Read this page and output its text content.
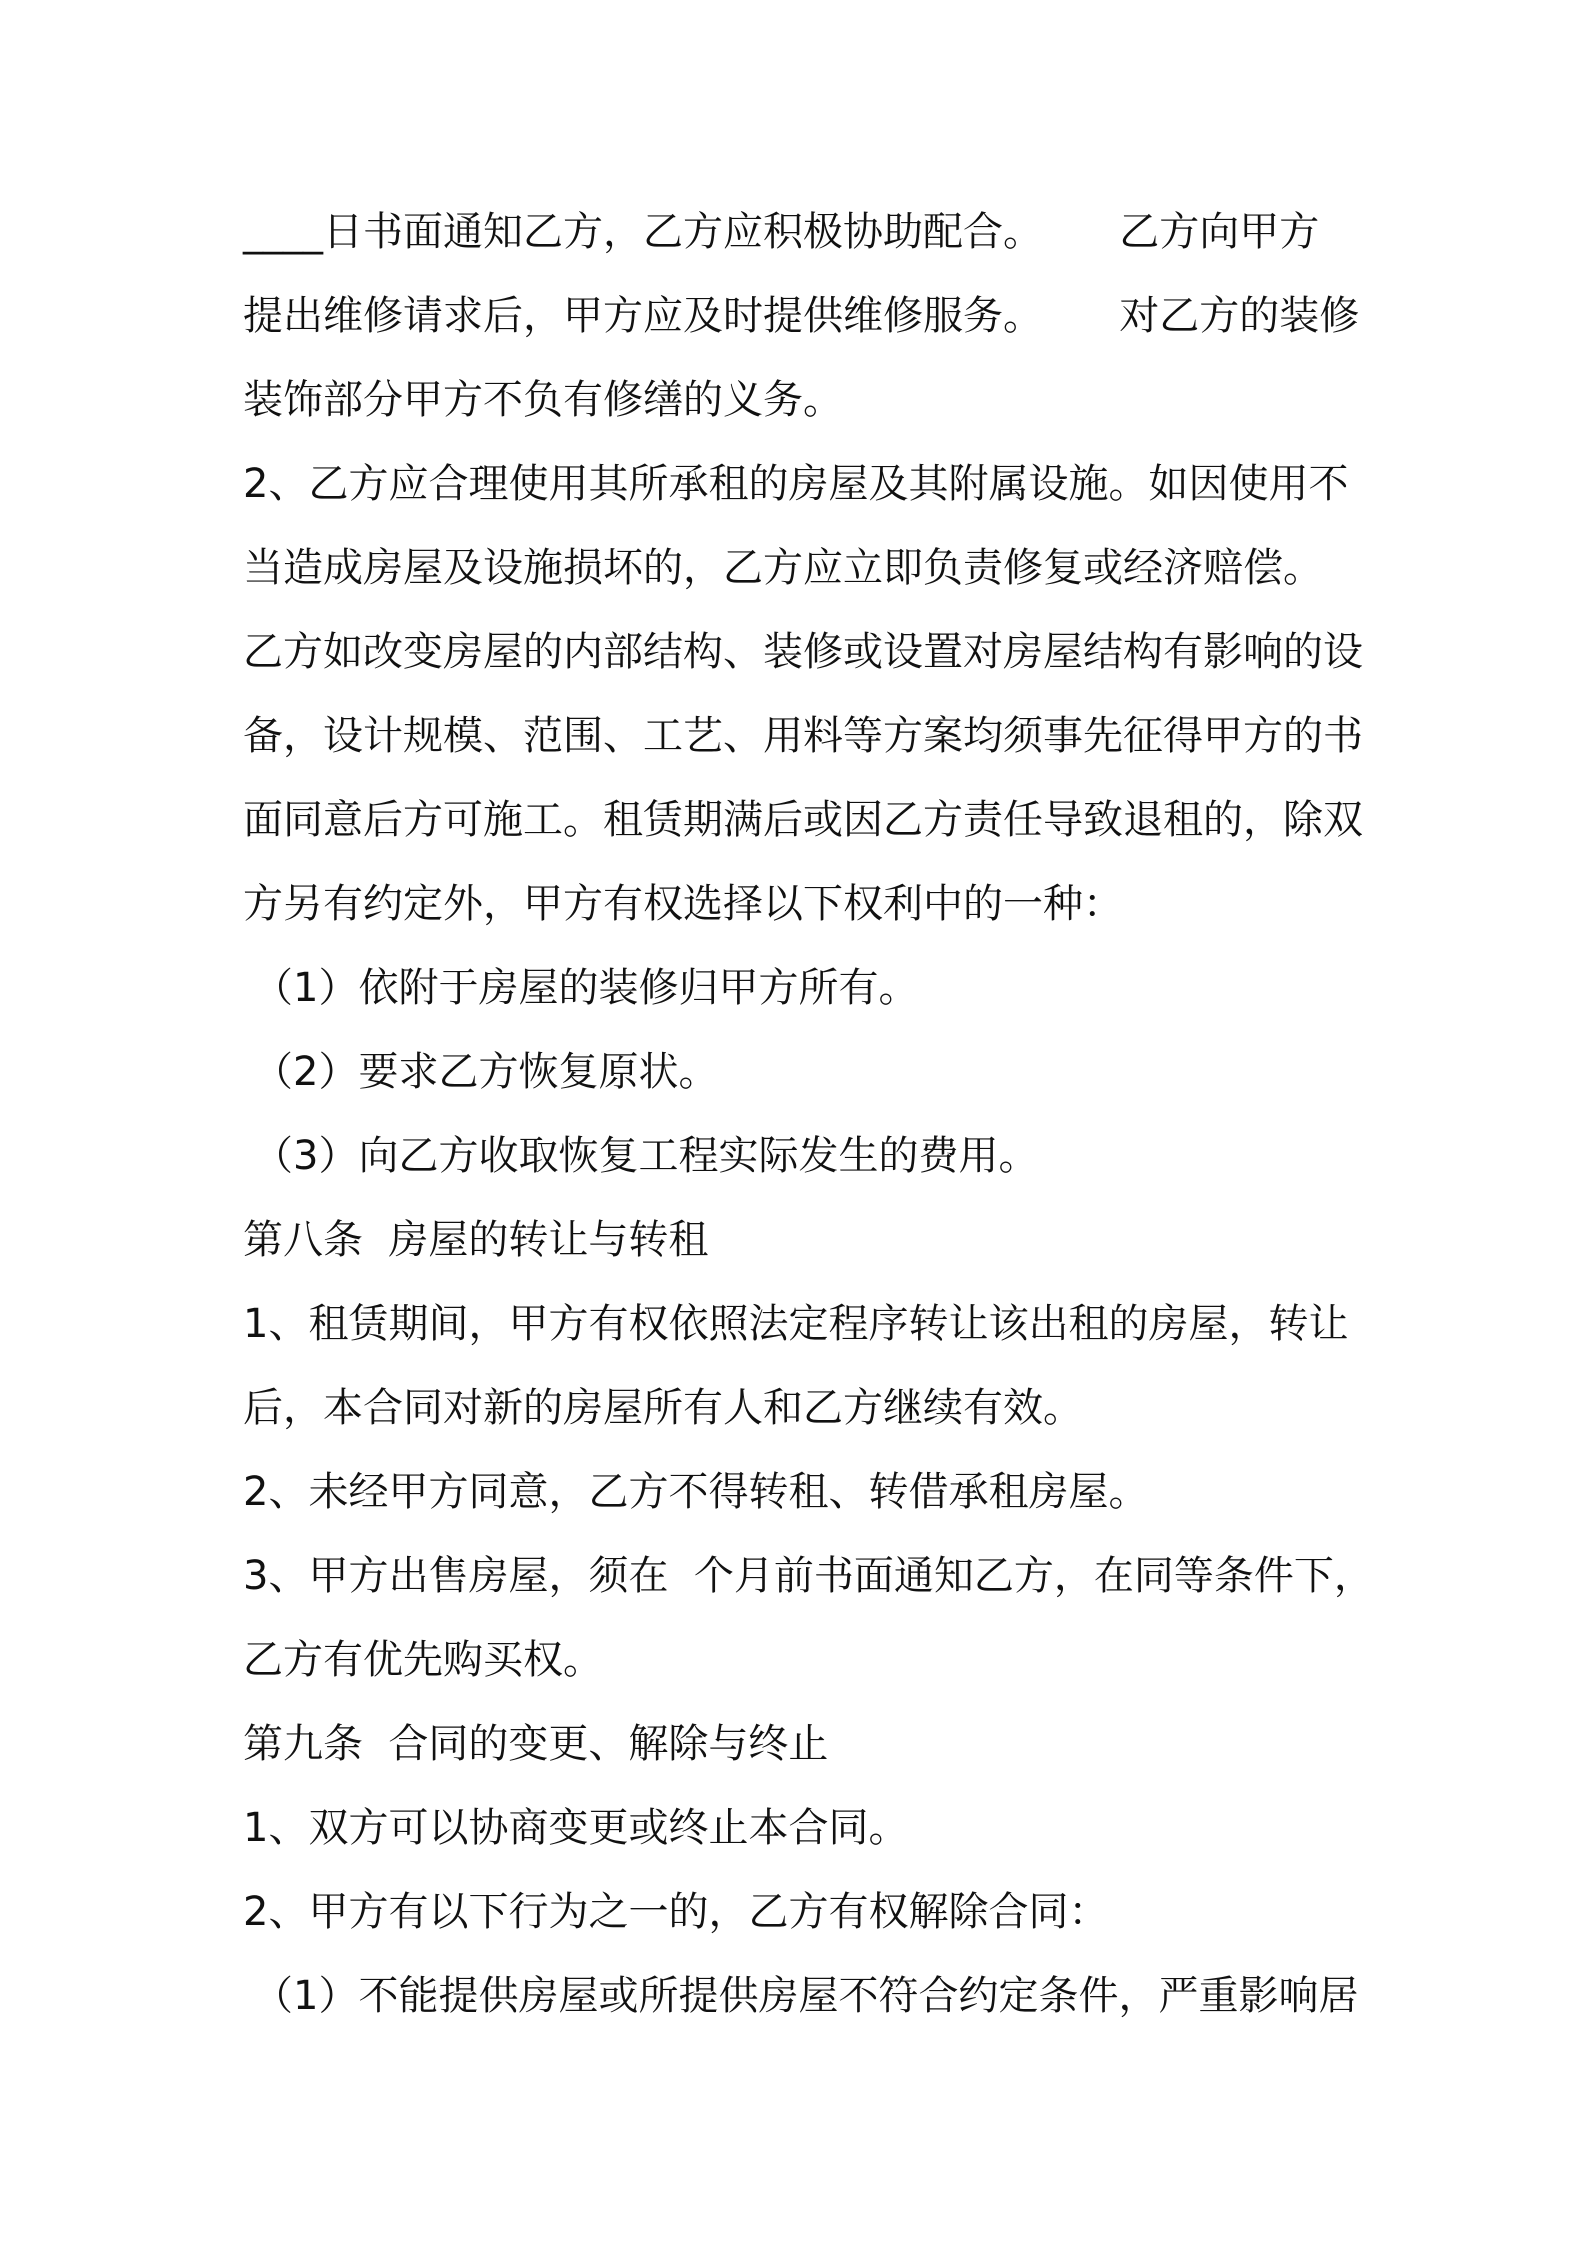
____日书面通知乙方，乙方应积极协助配合。      乙方向甲方
提出维修请求后，甲方应及时提供维修服务。      对乙方的装修
装饰部分甲方不负有修缮的义务。
2、乙方应合理使用其所承租的房屋及其附属设施。如因使用不
当造成房屋及设施损坏的，乙方应立即负责修复或经济赔偿。
乙方如改变房屋的内部结构、装修或设置对房屋结构有影响的设
备，设计规模、范围、工艺、用料等方案均须事先征得甲方的书
面同意后方可施工。租赁期满后或因乙方责任导致退租的，除双
方另有约定外，甲方有权选择以下权利中的一种：
（1）依附于房屋的装修归甲方所有。
（2）要求乙方恢复原状。
（3）向乙方收取恢复工程实际发生的费用。
第八条  房屋的转让与转租
1、租赁期间，甲方有权依照法定程序转让该出租的房屋，转让
后，本合同对新的房屋所有人和乙方继续有效。
2、未经甲方同意，乙方不得转租、转借承租房屋。
3、甲方出售房屋，须在  个月前书面通知乙方，在同等条件下，
乙方有优先购买权。
第九条  合同的变更、解除与终止
1、双方可以协商变更或终止本合同。
2、甲方有以下行为之一的，乙方有权解除合同：
（1）不能提供房屋或所提供房屋不符合约定条件，严重影响居
